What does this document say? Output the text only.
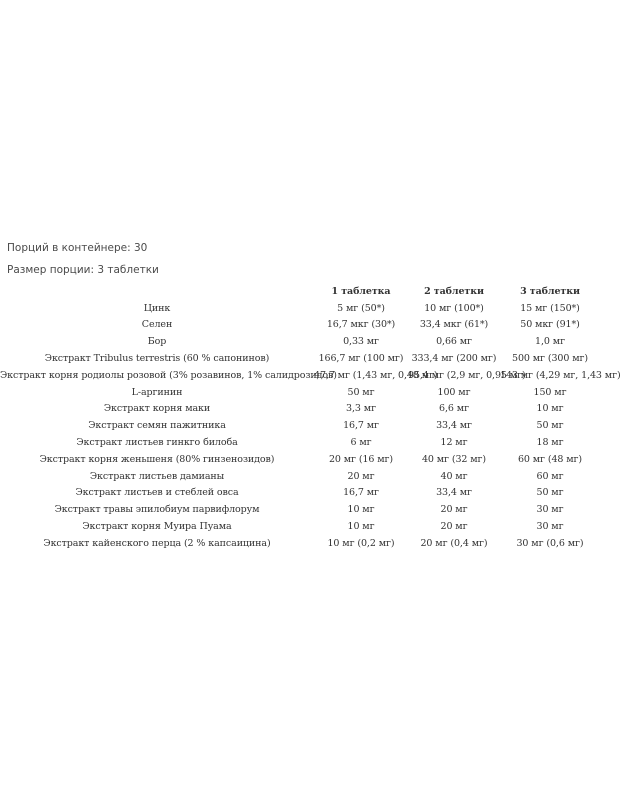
Порций в контейнере: 30
Размер порции: 3 таблетки
	1 таблетка	2 таблетки	3 таблетки
Цинк	5 мг (50*)	10 мг (100*)	15 мг (150*)
Селен	16,7 мкг (30*)	33,4 мкг (61*)	50 мкг (91*)
Бор	0,33 мг	0,66 мг	1,0 мг
Экстракт Tribulus terrestris (60 % сапонинов)	166,7 мг (100 мг)	333,4 мг (200 мг)	500 мг (300 мг)
Экстракт корня родиолы розовой (3% розавинов, 1% салидрозидов)	47,7 мг (1,43 мг, 0,48 мг)	95,4 мг (2,9 мг, 0,95 мг)	143 мг (4,29 мг, 1,43 мг)
L-аргинин	50 мг	100 мг	150 мг
Экстракт корня маки	3,3 мг	6,6 мг	10 мг
Экстракт семян пажитника	16,7 мг	33,4 мг	50 мг
Экстракт листьев гинкго билоба	6 мг	12 мг	18 мг
Экстракт корня женьшеня (80% гинзенозидов)	20 мг (16 мг)	40 мг (32 мг)	60 мг (48 мг)
Экстракт листьев дамианы	20 мг	40 мг	60 мг
Экстракт листьев и стеблей овса	16,7 мг	33,4 мг	50 мг
Экстракт травы эпилобиум парвифлорум	10 мг	20 мг	30 мг
Экстракт корня Муира Пуама	10 мг	20 мг	30 мг
Экстракт кайенского перца (2 % капсаицина)	10 мг (0,2 мг)	20 мг (0,4 мг)	30 мг (0,6 мг)
